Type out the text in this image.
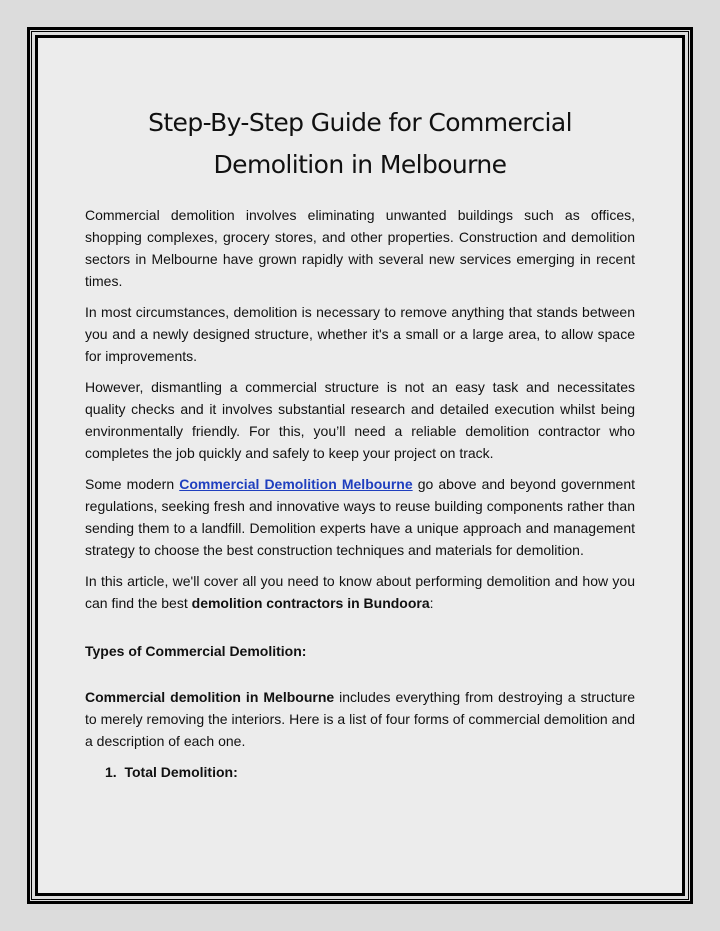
Step-By-Step Guide for Commercial
Demolition in Melbourne

Commercial demolition involves eliminating unwanted buildings such as offices, shopping complexes, grocery stores, and other properties. Construction and demolition sectors in Melbourne have grown rapidly with several new services emerging in recent times.

In most circumstances, demolition is necessary to remove anything that stands between you and a newly designed structure, whether it's a small or a large area, to allow space for improvements.

However, dismantling a commercial structure is not an easy task and necessitates quality checks and it involves substantial research and detailed execution whilst being environmentally friendly. For this, you’ll need a reliable demolition contractor who completes the job quickly and safely to keep your project on track.

Some modern Commercial Demolition Melbourne go above and beyond government regulations, seeking fresh and innovative ways to reuse building components rather than sending them to a landfill. Demolition experts have a unique approach and management strategy to choose the best construction techniques and materials for demolition.

In this article, we'll cover all you need to know about performing demolition and how you can find the best demolition contractors in Bundoora:

Types of Commercial Demolition:

Commercial demolition in Melbourne includes everything from destroying a structure to merely removing the interiors. Here is a list of four forms of commercial demolition and a description of each one.

1. Total Demolition:
